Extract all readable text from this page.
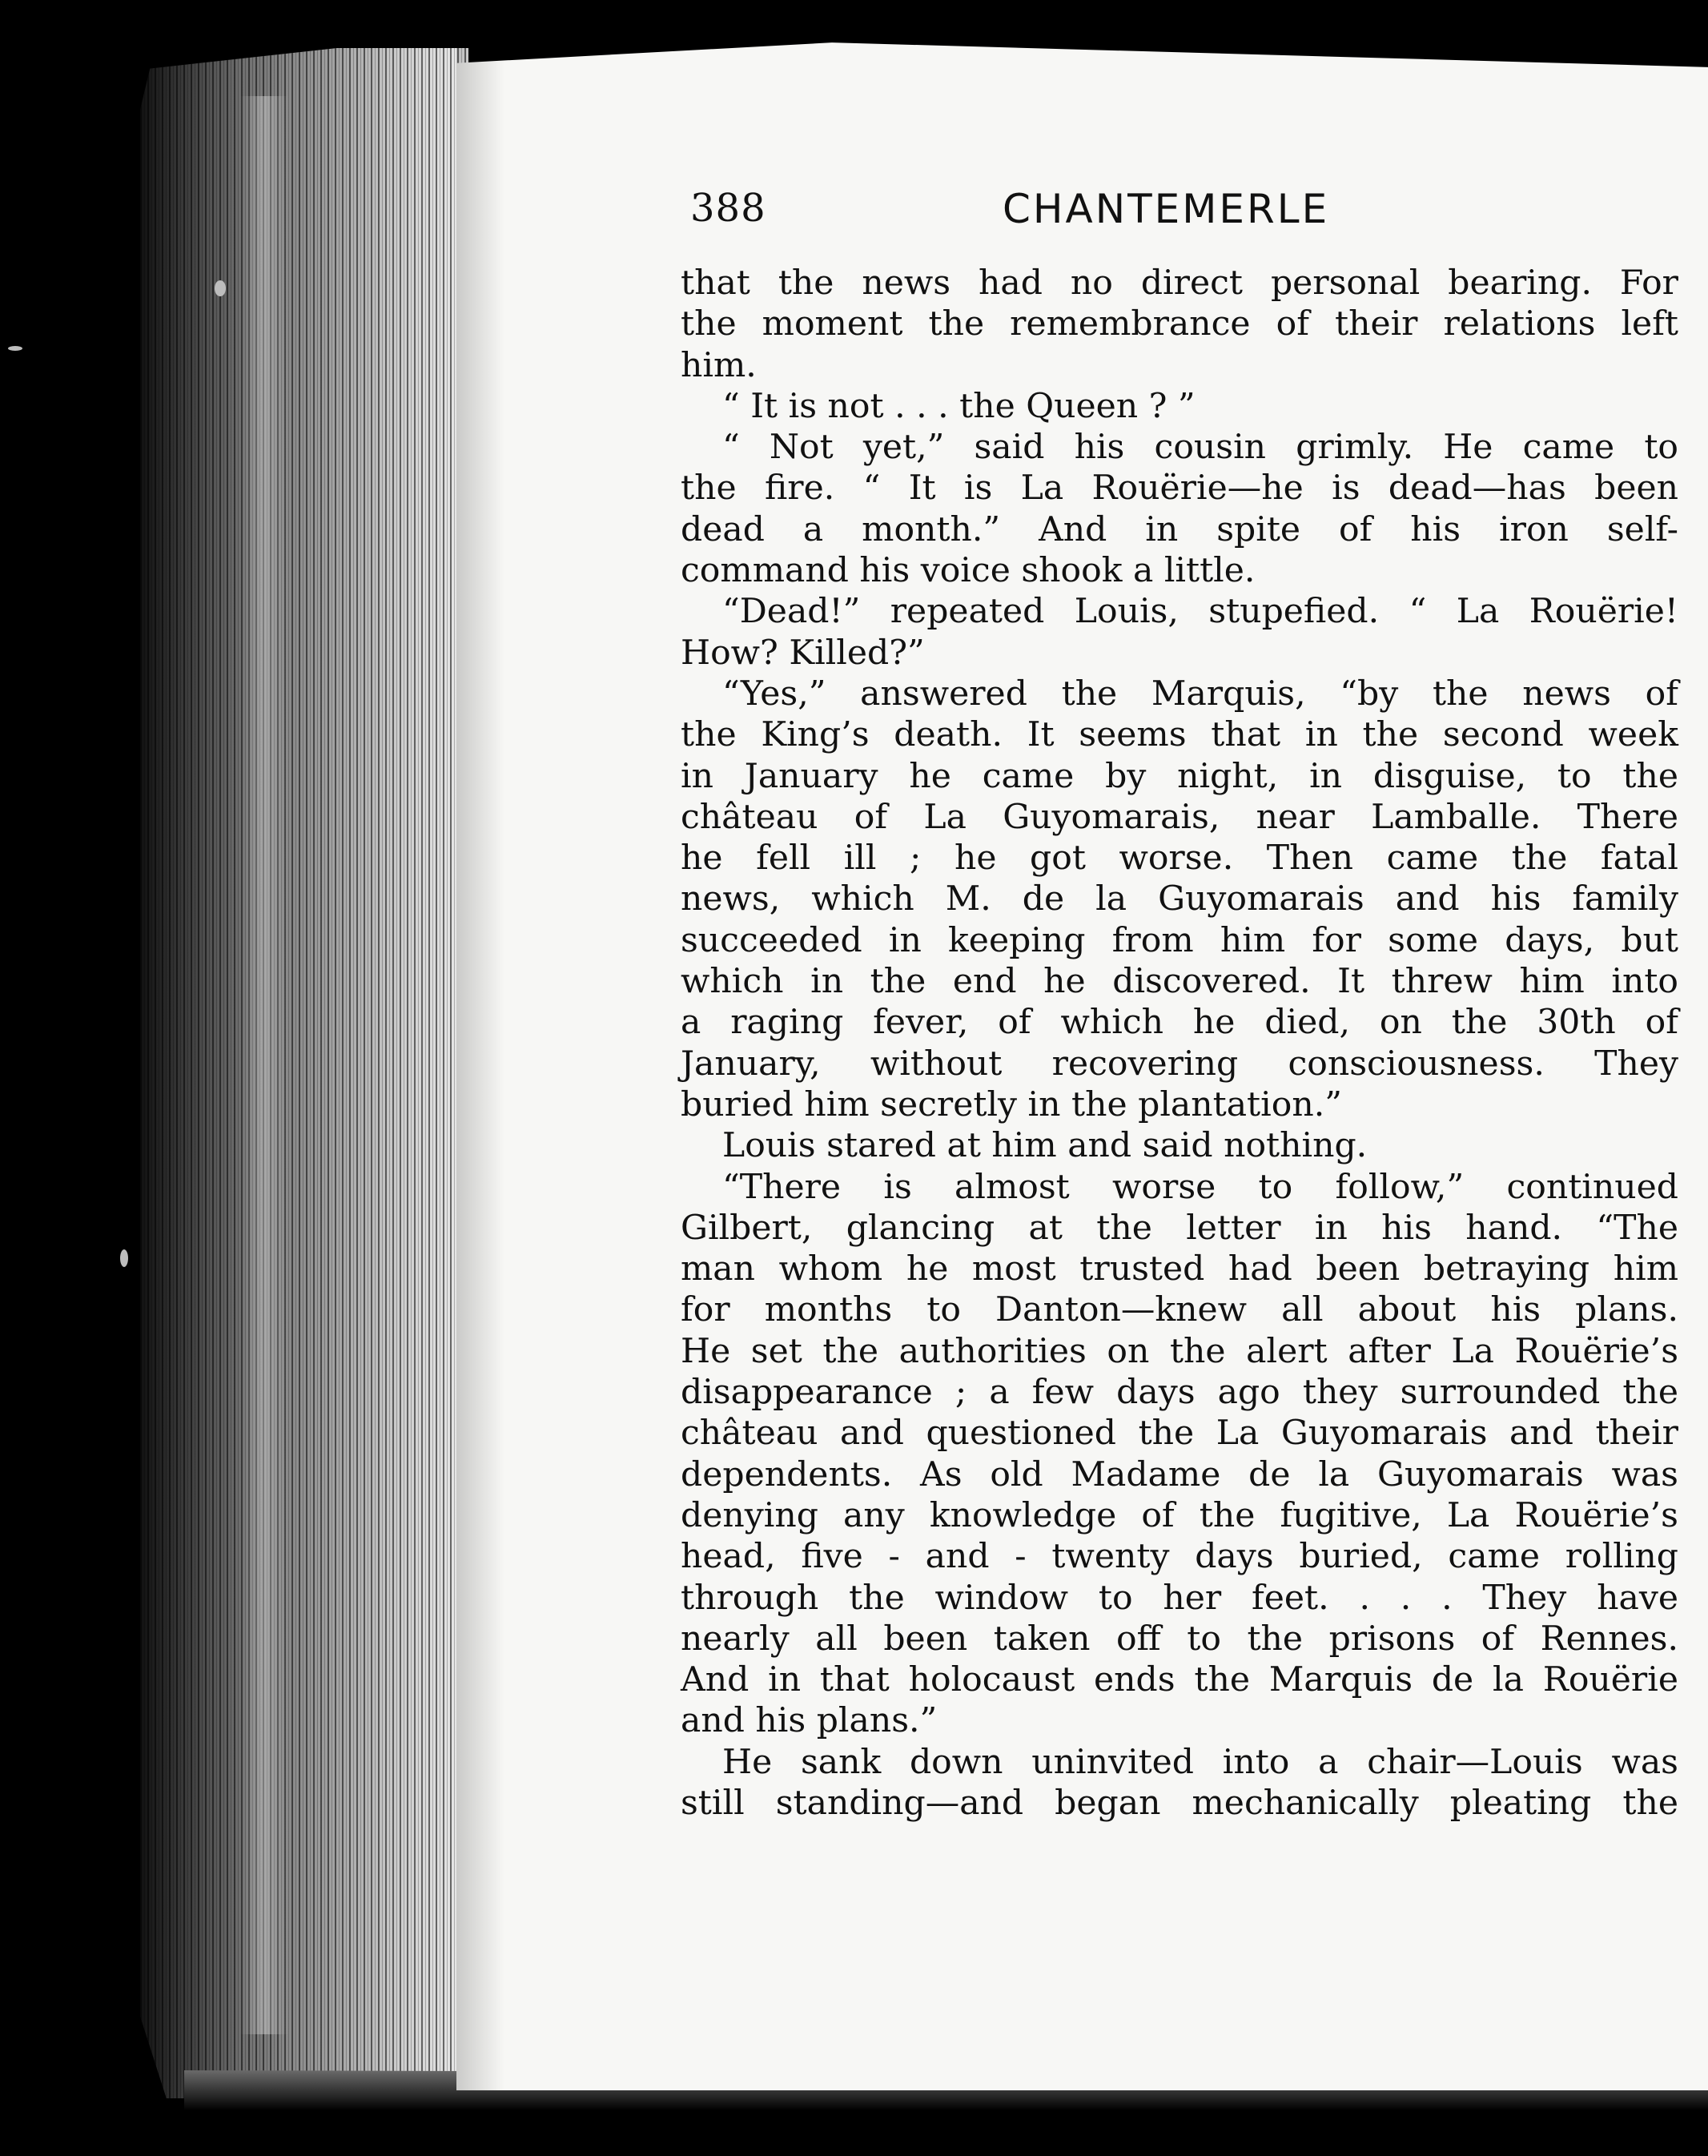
388	CHANTEMERLE
that the news had no direct personal bearing. For
the moment the remembrance of their relations left
him.
“ It is not . . . the Queen ? ”
“ Not yet,” said his cousin grimly. He came to
the fire. “ It is La Rouërie—he is dead—has been
dead a month.” And in spite of his iron self-
command his voice shook a little.
“Dead!” repeated Louis, stupefied. “ La Rouërie!
How? Killed?”
“Yes,” answered the Marquis, “by the news of
the King’s death. It seems that in the second week
in January he came by night, in disguise, to the
château of La Guyomarais, near Lamballe. There
he fell ill ; he got worse. Then came the fatal
news, which M. de la Guyomarais and his family
succeeded in keeping from him for some days, but
which in the end he discovered. It threw him into
a raging fever, of which he died, on the 30th of
January, without recovering consciousness. They
buried him secretly in the plantation.”
Louis stared at him and said nothing.
“There is almost worse to follow,” continued
Gilbert, glancing at the letter in his hand. “The
man whom he most trusted had been betraying him
for months to Danton—knew all about his plans.
He set the authorities on the alert after La Rouërie’s
disappearance ; a few days ago they surrounded the
château and questioned the La Guyomarais and their
dependents. As old Madame de la Guyomarais was
denying any knowledge of the fugitive, La Rouërie’s
head, five - and - twenty days buried, came rolling
through the window to her feet. . . . They have
nearly all been taken off to the prisons of Rennes.
And in that holocaust ends the Marquis de la Rouërie
and his plans.”
He sank down uninvited into a chair—Louis was
still standing—and began mechanically pleating the
